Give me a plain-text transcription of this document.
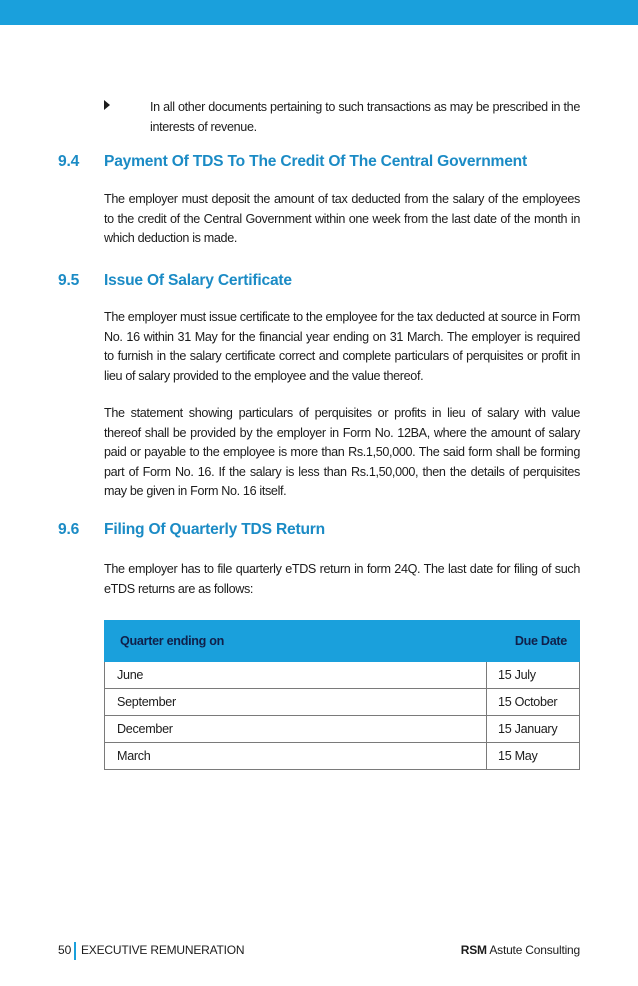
In all other documents pertaining to such transactions as may be prescribed in the interests of revenue.
9.4 Payment Of TDS To The Credit Of The Central Government

The employer must deposit the amount of tax deducted from the salary of the employees to the credit of the Central Government within one week from the last date of the month in which deduction is made.

9.5 Issue Of Salary Certificate

The employer must issue certificate to the employee for the tax deducted at source in Form No. 16 within 31 May for the financial year ending on 31 March. The employer is required to furnish in the salary certificate correct and complete particulars of perquisites or profit in lieu of salary provided to the employee and the value thereof.

The statement showing particulars of perquisites or profits in lieu of salary with value thereof shall be provided by the employer in Form No. 12BA, where the amount of salary paid or payable to the employee is more than Rs.1,50,000. The said form shall be forming part of Form No. 16. If the salary is less than Rs.1,50,000, then the details of perquisites may be given in Form No. 16 itself.

9.6 Filing Of Quarterly TDS Return

The employer has to file quarterly eTDS return in form 24Q. The last date for filing of such eTDS returns are as follows:

Quarter ending on	Due Date
June	15 July
September	15 October
December	15 January
March	15 May
50 EXECUTIVE REMUNERATION	RSM Astute Consulting
